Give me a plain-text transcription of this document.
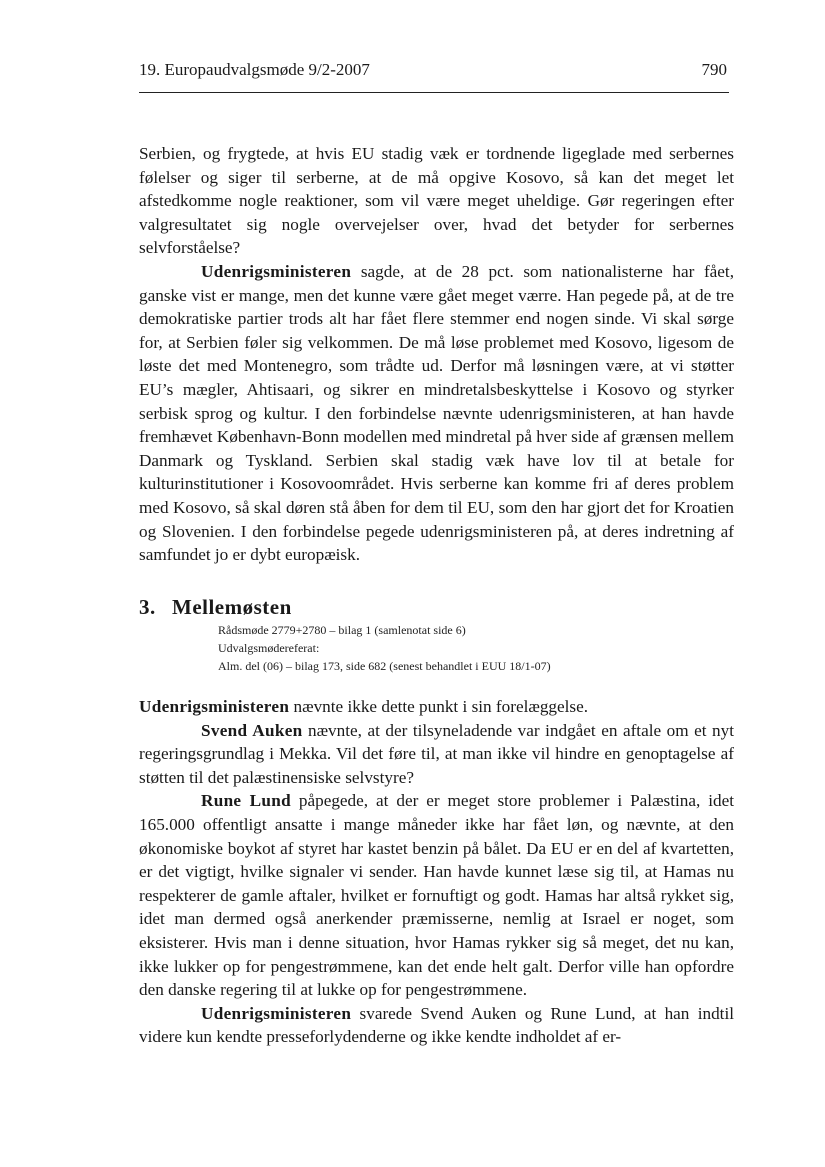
19. Europaudvalgsmøde 9/2-2007	790

Serbien, og frygtede, at hvis EU stadig væk er tordnende ligeglade med serbernes følelser og siger til serberne, at de må opgive Kosovo, så kan det meget let afstedkomme nogle reaktioner, som vil være meget uheldige. Gør regeringen efter valgresultatet sig nogle overvejelser over, hvad det betyder for serbernes selvforståelse?

Udenrigsministeren sagde, at de 28 pct. som nationalisterne har fået, ganske vist er mange, men det kunne være gået meget værre. Han pegede på, at de tre demokratiske partier trods alt har fået flere stemmer end nogen sinde. Vi skal sørge for, at Serbien føler sig velkommen. De må løse problemet med Kosovo, ligesom de løste det med Montenegro, som trådte ud. Derfor må løsningen være, at vi støtter EU’s mægler, Ahtisaari, og sikrer en mindretalsbeskyttelse i Kosovo og styrker serbisk sprog og kultur. I den forbindelse nævnte udenrigsministeren, at han havde fremhævet København-Bonn modellen med mindretal på hver side af grænsen mellem Danmark og Tyskland. Serbien skal stadig væk have lov til at betale for kulturinstitutioner i Kosovoområdet. Hvis serberne kan komme fri af deres problem med Kosovo, så skal døren stå åben for dem til EU, som den har gjort det for Kroatien og Slovenien. I den forbindelse pegede udenrigsministeren på, at deres indretning af samfundet jo er dybt europæisk.

3. Mellemøsten
Rådsmøde 2779+2780 – bilag 1 (samlenotat side 6)
Udvalgsmødereferat:
Alm. del (06) – bilag 173, side 682 (senest behandlet i EUU 18/1-07)

Udenrigsministeren nævnte ikke dette punkt i sin forelæggelse.

Svend Auken nævnte, at der tilsyneladende var indgået en aftale om et nyt regeringsgrundlag i Mekka. Vil det føre til, at man ikke vil hindre en genoptagelse af støtten til det palæstinensiske selvstyre?

Rune Lund påpegede, at der er meget store problemer i Palæstina, idet 165.000 offentligt ansatte i mange måneder ikke har fået løn, og nævnte, at den økonomiske boykot af styret har kastet benzin på bålet. Da EU er en del af kvartetten, er det vigtigt, hvilke signaler vi sender. Han havde kunnet læse sig til, at Hamas nu respekterer de gamle aftaler, hvilket er fornuftigt og godt. Hamas har altså rykket sig, idet man dermed også anerkender præmisserne, nemlig at Israel er noget, som eksisterer. Hvis man i denne situation, hvor Hamas rykker sig så meget, det nu kan, ikke lukker op for pengestrømmene, kan det ende helt galt. Derfor ville han opfordre den danske regering til at lukke op for pengestrømmene.

Udenrigsministeren svarede Svend Auken og Rune Lund, at han indtil videre kun kendte presseforlydenderne og ikke kendte indholdet af er-
